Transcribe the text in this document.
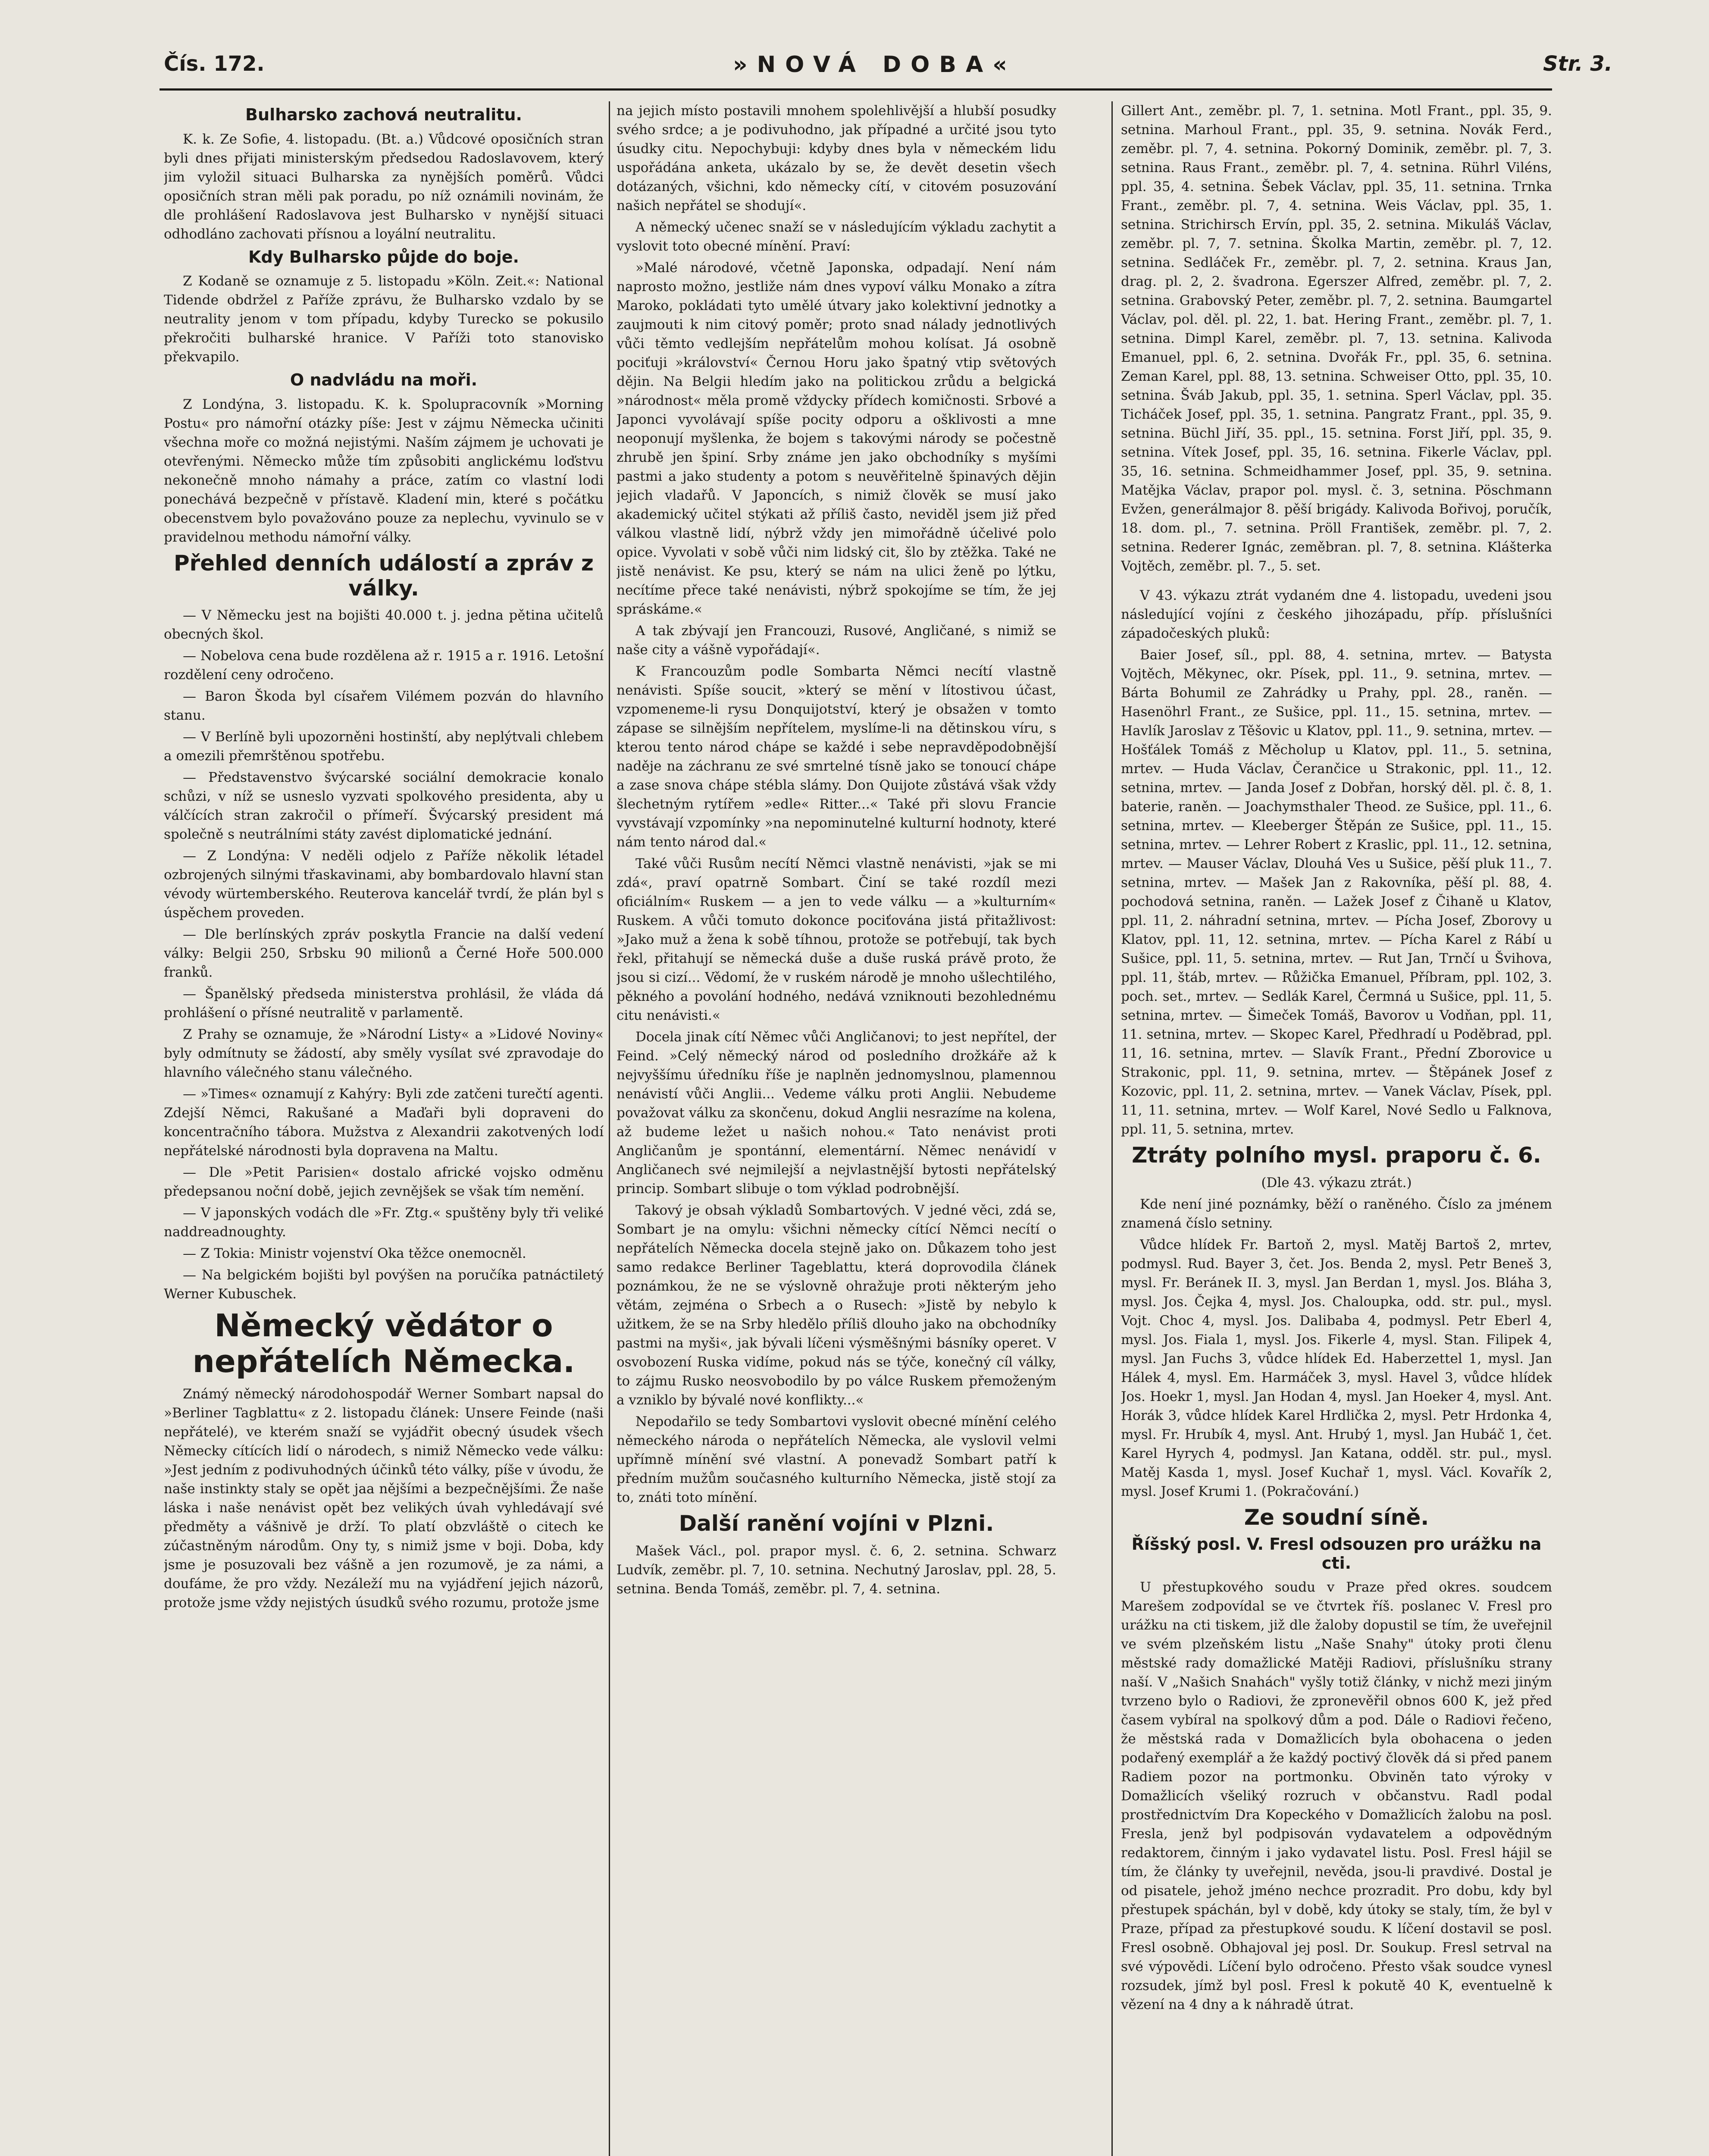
Čís. 172.	»NOVÁ DOBA«	Str. 3.
Bulharsko zachová neutralitu.

K. k. Ze Sofie, 4. listopadu. (Bt. a.) Vůdcové oposičních stran byli dnes přijati ministerským předsedou Radoslavovem, který jim vyložil situaci Bulharska za nynějších poměrů. Vůdci oposičních stran měli pak poradu, po níž oznámili novinám, že dle prohlášení Radoslavova jest Bulharsko v nynější situaci odhodláno zachovati přísnou a loyální neutralitu.

Kdy Bulharsko půjde do boje.

Z Kodaně se oznamuje z 5. listopadu »Köln. Zeit.«: National Tidende obdržel z Paříže zprávu, že Bulharsko vzdalo by se neutrality jenom v tom případu, kdyby Turecko se pokusilo překročiti bulharské hranice. V Paříži toto stanovisko překvapilo.

O nadvládu na moři.

Z Londýna, 3. listopadu. K. k. Spolupracovník »Morning Postu« pro námořní otázky píše: Jest v zájmu Německa učiniti všechna moře co možná nejistými. Naším zájmem je uchovati je otevřenými. Německo může tím způsobiti anglickému loďstvu nekonečně mnoho námahy a práce, zatím co vlastní lodi ponechává bezpečně v přístavě. Kladení min, které s počátku obecenstvem bylo považováno pouze za neplechu, vyvinulo se v pravidelnou methodu námořní války.

Přehled denních událostí a zpráv z války.

— V Německu jest na bojišti 40.000 t. j. jedna pětina učitelů obecných škol.

— Nobelova cena bude rozdělena až r. 1915 a r. 1916. Letošní rozdělení ceny odročeno.

— Baron Škoda byl císařem Vilémem pozván do hlavního stanu.

— V Berlíně byli upozorněni hostinští, aby neplýtvali chlebem a omezili přemrštěnou spotřebu.

— Představenstvo švýcarské sociální demokracie konalo schůzi, v níž se usneslo vyzvati spolkového presidenta, aby u válčících stran zakročil o přímeří. Švýcarský president má společně s neutrálními státy zavést diplomatické jednání.

— Z Londýna: V neděli odjelo z Paříže několik létadel ozbrojených silnými třaskavinami, aby bombardovalo hlavní stan vévody würtemberského. Reuterova kancelář tvrdí, že plán byl s úspěchem proveden.

— Dle berlínských zpráv poskytla Francie na další vedení války: Belgii 250, Srbsku 90 milionů a Černé Hoře 500.000 franků.

— Španělský předseda ministerstva prohlásil, že vláda dá prohlášení o přísné neutralitě v parlamentě.

Z Prahy se oznamuje, že »Národní Listy« a »Lidové Noviny« byly odmítnuty se žádostí, aby směly vysílat své zpravodaje do hlavního válečného stanu válečného.

— »Times« oznamují z Kahýry: Byli zde zatčeni turečtí agenti. Zdejší Němci, Rakušané a Maďaři byli dopraveni do koncentračního tábora. Mužstva z Alexandrii zakotvených lodí nepřátelské národnosti byla dopravena na Maltu.

— Dle »Petit Parisien« dostalo africké vojsko odměnu předepsanou noční době, jejich zevnějšek se však tím nemění.

— V japonských vodách dle »Fr. Ztg.« spuštěny byly tři veliké naddreadnoughty.

— Z Tokia: Ministr vojenství Oka těžce onemocněl.

— Na belgickém bojišti byl povýšen na poručíka patnáctiletý Werner Kubuschek.

Německý vědátor o nepřátelích Německa.

Známý německý národohospodář Werner Sombart napsal do »Berliner Tagblattu« z 2. listopadu článek: Unsere Feinde (naši nepřátelé), ve kterém snaží se vyjádřit obecný úsudek všech Německy cítících lidí o národech, s nimiž Německo vede válku: »Jest jedním z podivuhodných účinků této války, píše v úvodu, že naše instinkty staly se opět jaa nějšími a bezpečnějšími. Že naše láska i naše nenávist opět bez velikých úvah vyhledávají své předměty a vášnivě je drží. To platí obzvláště o citech ke zúčastněným národům. Ony ty, s nimiž jsme v boji. Doba, kdy jsme je posuzovali bez vášně a jen rozumově, je za námi, a doufáme, že pro vždy. Nezáleží mu na vyjádření jejich názorů, protože jsme vždy nejistých úsudků svého rozumu, protože jsme

na jejich místo postavili mnohem spolehlivější a hlubší posudky svého srdce; a je podivuhodno, jak případné a určité jsou tyto úsudky citu. Nepochybuji: kdyby dnes byla v německém lidu uspořádána anketa, ukázalo by se, že devět desetin všech dotázaných, všichni, kdo německy cítí, v citovém posuzování našich nepřátel se shodují«.

A německý učenec snaží se v následujícím výkladu zachytit a vyslovit toto obecné mínění. Praví:

»Malé národové, včetně Japonska, odpadají. Není nám naprosto možno, jestliže nám dnes vypoví válku Monako a zítra Maroko, pokládati tyto umělé útvary jako kolektivní jednotky a zaujmouti k nim citový poměr; proto snad nálady jednotlivých vůči těmto vedlejším nepřátelům mohou kolísat. Já osobně pociťuji »království« Černou Horu jako špatný vtip světových dějin. Na Belgii hledím jako na politickou zrůdu a belgická »národnost« měla promě vždycky přídech komičnosti. Srbové a Japonci vyvolávají spíše pocity odporu a ošklivosti a mne neoponují myšlenka, že bojem s takovými národy se počestně zhrubě jen špiní. Srby známe jen jako obchodníky s myšími pastmi a jako studenty a potom s neuvěřitelně špinavých dějin jejich vladařů. V Japoncích, s nimiž člověk se musí jako akademický učitel stýkati až příliš často, neviděl jsem již před válkou vlastně lidí, nýbrž vždy jen mimořádně účelivé polo opice. Vyvolati v sobě vůči nim lidský cit, šlo by ztěžka. Také ne jistě nenávist. Ke psu, který se nám na ulici ženě po lýtku, necítíme přece také nenávisti, nýbrž spokojíme se tím, že jej spráskáme.«

A tak zbývají jen Francouzi, Rusové, Angličané, s nimiž se naše city a vášně vypořádají«.

K Francouzům podle Sombarta Němci necítí vlastně nenávisti. Spíše soucit, »který se mění v lítostivou účast, vzpomeneme-li rysu Donquijotství, který je obsažen v tomto zápase se silnějším nepřítelem, myslíme-li na dětinskou víru, s kterou tento národ chápe se každé i sebe nepravděpodobnější naděje na záchranu ze své smrtelné tísně jako se tonoucí chápe a zase snova chápe stébla slámy. Don Quijote zůstává však vždy šlechetným rytířem »edle« Ritter...« Také při slovu Francie vyvstávají vzpomínky »na nepominutelné kulturní hodnoty, které nám tento národ dal.«

Také vůči Rusům necítí Němci vlastně nenávisti, »jak se mi zdá«, praví opatrně Sombart. Činí se také rozdíl mezi oficiálním« Ruskem — a jen to vede válku — a »kulturním« Ruskem. A vůči tomuto dokonce pociťována jistá přitažlivost: »Jako muž a žena k sobě tíhnou, protože se potřebují, tak bych řekl, přitahují se německá duše a duše ruská právě proto, že jsou si cizí... Vědomí, že v ruském národě je mnoho ušlechtilého, pěkného a povolání hodného, nedává vzniknouti bezohlednému citu nenávisti.«

Docela jinak cítí Němec vůči Angličanovi; to jest nepřítel, der Feind. »Celý německý národ od posledního drožkáře až k nejvyššímu úředníku říše je naplněn jednomyslnou, plamennou nenávistí vůči Anglii... Vedeme válku proti Anglii. Nebudeme považovat válku za skončenu, dokud Anglii nesrazíme na kolena, až budeme ležet u našich nohou.« Tato nenávist proti Angličanům je spontánní, elementární. Němec nenávidí v Angličanech své nejmilejší a nejvlastnější bytosti nepřátelský princip. Sombart slibuje o tom výklad podrobnější.

Takový je obsah výkladů Sombartových. V jedné věci, zdá se, Sombart je na omylu: všichni německy cítící Němci necítí o nepřátelích Německa docela stejně jako on. Důkazem toho jest samo redakce Berliner Tageblattu, která doprovodila článek poznámkou, že ne se výslovně ohražuje proti některým jeho větám, zejména o Srbech a o Rusech: »Jistě by nebylo k užitkem, že se na Srby hledělo příliš dlouho jako na obchodníky pastmi na myši«, jak bývali líčeni výsměšnými básníky operet. V osvobození Ruska vidíme, pokud nás se týče, konečný cíl války, to zájmu Rusko neosvobodilo by po válce Ruskem přemoženým a vzniklo by bývalé nové konflikty...«

Nepodařilo se tedy Sombartovi vyslovit obecné mínění celého německého národa o nepřátelích Německa, ale vyslovil velmi upřímně mínění své vlastní. A ponevadž Sombart patří k předním mužům současného kulturního Německa, jistě stojí za to, znáti toto mínění.

Další ranění vojíni v Plzni.

Mašek Václ., pol. prapor mysl. č. 6, 2. setnina. Schwarz Ludvík, zeměbr. pl. 7, 10. setnina. Nechutný Jaroslav, ppl. 28, 5. setnina. Benda Tomáš, zeměbr. pl. 7, 4. setnina.

Gillert Ant., zeměbr. pl. 7, 1. setnina. Motl Frant., ppl. 35, 9. setnina. Marhoul Frant., ppl. 35, 9. setnina. Novák Ferd., zeměbr. pl. 7, 4. setnina. Pokorný Dominik, zeměbr. pl. 7, 3. setnina. Raus Frant., zeměbr. pl. 7, 4. setnina. Rührl Viléns, ppl. 35, 4. setnina. Šebek Václav, ppl. 35, 11. setnina. Trnka Frant., zeměbr. pl. 7, 4. setnina. Weis Václav, ppl. 35, 1. setnina. Strichirsch Ervín, ppl. 35, 2. setnina. Mikuláš Václav, zeměbr. pl. 7, 7. setnina. Školka Martin, zeměbr. pl. 7, 12. setnina. Sedláček Fr., zeměbr. pl. 7, 2. setnina. Kraus Jan, drag. pl. 2, 2. švadrona. Egerszer Alfred, zeměbr. pl. 7, 2. setnina. Grabovský Peter, zeměbr. pl. 7, 2. setnina. Baumgartel Václav, pol. děl. pl. 22, 1. bat. Hering Frant., zeměbr. pl. 7, 1. setnina. Dimpl Karel, zeměbr. pl. 7, 13. setnina. Kalivoda Emanuel, ppl. 6, 2. setnina. Dvořák Fr., ppl. 35, 6. setnina. Zeman Karel, ppl. 88, 13. setnina. Schweiser Otto, ppl. 35, 10. setnina. Šváb Jakub, ppl. 35, 1. setnina. Sperl Václav, ppl. 35. Ticháček Josef, ppl. 35, 1. setnina. Pangratz Frant., ppl. 35, 9. setnina. Büchl Jiří, 35. ppl., 15. setnina. Forst Jiří, ppl. 35, 9. setnina. Vítek Josef, ppl. 35, 16. setnina. Fikerle Václav, ppl. 35, 16. setnina. Schmeidhammer Josef, ppl. 35, 9. setnina. Matějka Václav, prapor pol. mysl. č. 3, setnina. Pöschmann Evžen, generálmajor 8. pěší brigády. Kalivoda Bořivoj, poručík, 18. dom. pl., 7. setnina. Pröll František, zeměbr. pl. 7, 2. setnina. Rederer Ignác, zeměbran. pl. 7, 8. setnina. Klášterka Vojtěch, zeměbr. pl. 7., 5. set.

V 43. výkazu ztrát vydaném dne 4. listopadu, uvedeni jsou následující vojíni z českého jihozápadu, příp. příslušníci západočeských pluků:

Baier Josef, síl., ppl. 88, 4. setnina, mrtev. — Batysta Vojtěch, Měkynec, okr. Písek, ppl. 11., 9. setnina, mrtev. — Bárta Bohumil ze Zahrádky u Prahy, ppl. 28., raněn. — Hasenöhrl Frant., ze Sušice, ppl. 11., 15. setnina, mrtev. — Havlík Jaroslav z Těšovic u Klatov, ppl. 11., 9. setnina, mrtev. — Hošťálek Tomáš z Měcholup u Klatov, ppl. 11., 5. setnina, mrtev. — Huda Václav, Čerančice u Strakonic, ppl. 11., 12. setnina, mrtev. — Janda Josef z Dobřan, horský děl. pl. č. 8, 1. baterie, raněn. — Joachymsthaler Theod. ze Sušice, ppl. 11., 6. setnina, mrtev. — Kleeberger Štěpán ze Sušice, ppl. 11., 15. setnina, mrtev. — Lehrer Robert z Kraslic, ppl. 11., 12. setnina, mrtev. — Mauser Václav, Dlouhá Ves u Sušice, pěší pluk 11., 7. setnina, mrtev. — Mašek Jan z Rakovníka, pěší pl. 88, 4. pochodová setnina, raněn. — Lažek Josef z Čihaně u Klatov, ppl. 11, 2. náhradní setnina, mrtev. — Pícha Josef, Zborovy u Klatov, ppl. 11, 12. setnina, mrtev. — Pícha Karel z Rábí u Sušice, ppl. 11, 5. setnina, mrtev. — Rut Jan, Trnčí u Švihova, ppl. 11, štáb, mrtev. — Růžička Emanuel, Příbram, ppl. 102, 3. poch. set., mrtev. — Sedlák Karel, Čermná u Sušice, ppl. 11, 5. setnina, mrtev. — Šimeček Tomáš, Bavorov u Vodňan, ppl. 11, 11. setnina, mrtev. — Skopec Karel, Předhradí u Poděbrad, ppl. 11, 16. setnina, mrtev. — Slavík Frant., Přední Zborovice u Strakonic, ppl. 11, 9. setnina, mrtev. — Štěpánek Josef z Kozovic, ppl. 11, 2. setnina, mrtev. — Vanek Václav, Písek, ppl. 11, 11. setnina, mrtev. — Wolf Karel, Nové Sedlo u Falknova, ppl. 11, 5. setnina, mrtev.

Ztráty polního mysl. praporu č. 6.

(Dle 43. výkazu ztrát.)

Kde není jiné poznámky, běží o raněného. Číslo za jménem znamená číslo setniny.

Vůdce hlídek Fr. Bartoň 2, mysl. Matěj Bartoš 2, mrtev, podmysl. Rud. Bayer 3, čet. Jos. Benda 2, mysl. Petr Beneš 3, mysl. Fr. Beránek II. 3, mysl. Jan Berdan 1, mysl. Jos. Bláha 3, mysl. Jos. Čejka 4, mysl. Jos. Chaloupka, odd. str. pul., mysl. Vojt. Choc 4, mysl. Jos. Dalibaba 4, podmysl. Petr Eberl 4, mysl. Jos. Fiala 1, mysl. Jos. Fikerle 4, mysl. Stan. Filipek 4, mysl. Jan Fuchs 3, vůdce hlídek Ed. Haberzettel 1, mysl. Jan Hálek 4, mysl. Em. Harmáček 3, mysl. Havel 3, vůdce hlídek Jos. Hoekr 1, mysl. Jan Hodan 4, mysl. Jan Hoeker 4, mysl. Ant. Horák 3, vůdce hlídek Karel Hrdlička 2, mysl. Petr Hrdonka 4, mysl. Fr. Hrubík 4, mysl. Ant. Hrubý 1, mysl. Jan Hubáč 1, čet. Karel Hyrych 4, podmysl. Jan Katana, odděl. str. pul., mysl. Matěj Kasda 1, mysl. Josef Kuchař 1, mysl. Václ. Kovařík 2, mysl. Josef Krumi 1. (Pokračování.)

Ze soudní síně.
Říšský posl. V. Fresl odsouzen pro urážku na cti.

U přestupkového soudu v Praze před okres. soudcem Marešem zodpovídal se ve čtvrtek říš. poslanec V. Fresl pro urážku na cti tiskem, již dle žaloby dopustil se tím, že uveřejnil ve svém plzeňském listu „Naše Snahy" útoky proti členu městské rady domažlické Matěji Radiovi, příslušníku strany naší. V „Našich Snahách" vyšly totiž články, v nichž mezi jiným tvrzeno bylo o Radiovi, že zpronevěřil obnos 600 K, jež před časem vybíral na spolkový dům a pod. Dále o Radiovi řečeno, že městská rada v Domažlicích byla obohacena o jeden podařený exemplář a že každý poctivý člověk dá si před panem Radiem pozor na portmonku. Obviněn tato výroky v Domažlicích všeliký rozruch v občanstvu. Radl podal prostřednictvím Dra Kopeckého v Domažlicích žalobu na posl. Fresla, jenž byl podpisován vydavatelem a odpovědným redaktorem, činným i jako vydavatel listu. Posl. Fresl hájil se tím, že články ty uveřejnil, nevěda, jsou-li pravdivé. Dostal je od pisatele, jehož jméno nechce prozradit. Pro dobu, kdy byl přestupek spáchán, byl v době, kdy útoky se staly, tím, že byl v Praze, případ za přestupkové soudu. K líčení dostavil se posl. Fresl osobně. Obhajoval jej posl. Dr. Soukup. Fresl setrval na své výpovědi. Líčení bylo odročeno. Přesto však soudce vynesl rozsudek, jímž byl posl. Fresl k pokutě 40 K, eventuelně k vězení na 4 dny a k náhradě útrat.
